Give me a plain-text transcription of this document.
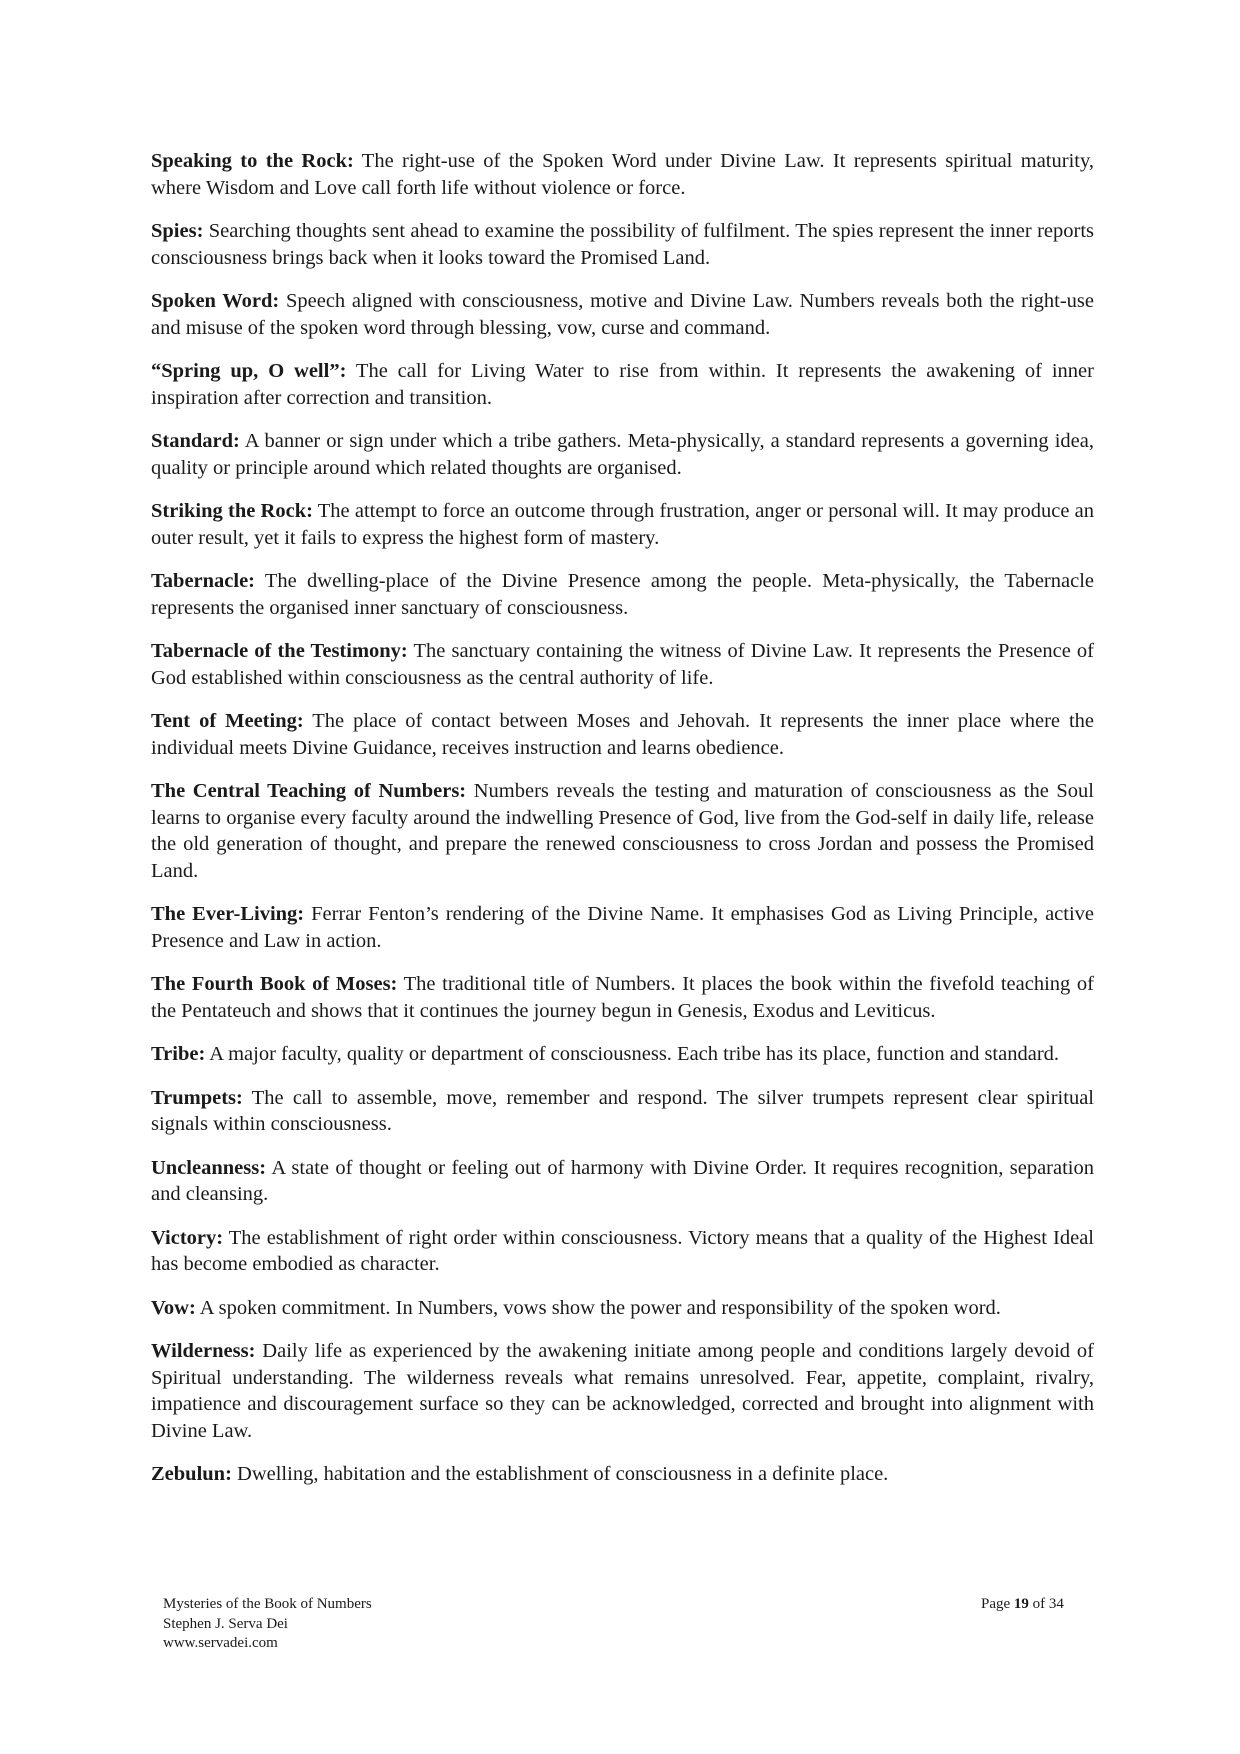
Speaking to the Rock: The right-use of the Spoken Word under Divine Law. It represents spiritual maturity, where Wisdom and Love call forth life without violence or force.

Spies: Searching thoughts sent ahead to examine the possibility of fulfilment. The spies represent the inner reports consciousness brings back when it looks toward the Promised Land.

Spoken Word: Speech aligned with consciousness, motive and Divine Law. Numbers reveals both the right-use and misuse of the spoken word through blessing, vow, curse and command.

“Spring up, O well”: The call for Living Water to rise from within. It represents the awakening of inner inspiration after correction and transition.

Standard: A banner or sign under which a tribe gathers. Meta-physically, a standard represents a governing idea, quality or principle around which related thoughts are organised.

Striking the Rock: The attempt to force an outcome through frustration, anger or personal will. It may produce an outer result, yet it fails to express the highest form of mastery.

Tabernacle: The dwelling-place of the Divine Presence among the people. Meta-physically, the Tabernacle represents the organised inner sanctuary of consciousness.

Tabernacle of the Testimony: The sanctuary containing the witness of Divine Law. It represents the Presence of God established within consciousness as the central authority of life.

Tent of Meeting: The place of contact between Moses and Jehovah. It represents the inner place where the individual meets Divine Guidance, receives instruction and learns obedience.

The Central Teaching of Numbers: Numbers reveals the testing and maturation of consciousness as the Soul learns to organise every faculty around the indwelling Presence of God, live from the God-self in daily life, release the old generation of thought, and prepare the renewed consciousness to cross Jordan and possess the Promised Land.

The Ever-Living: Ferrar Fenton’s rendering of the Divine Name. It emphasises God as Living Principle, active Presence and Law in action.

The Fourth Book of Moses: The traditional title of Numbers. It places the book within the fivefold teaching of the Pentateuch and shows that it continues the journey begun in Genesis, Exodus and Leviticus.

Tribe: A major faculty, quality or department of consciousness. Each tribe has its place, function and standard.

Trumpets: The call to assemble, move, remember and respond. The silver trumpets represent clear spiritual signals within consciousness.

Uncleanness: A state of thought or feeling out of harmony with Divine Order. It requires recognition, separation and cleansing.

Victory: The establishment of right order within consciousness. Victory means that a quality of the Highest Ideal has become embodied as character.

Vow: A spoken commitment. In Numbers, vows show the power and responsibility of the spoken word.

Wilderness: Daily life as experienced by the awakening initiate among people and conditions largely devoid of Spiritual understanding. The wilderness reveals what remains unresolved. Fear, appetite, complaint, rivalry, impatience and discouragement surface so they can be acknowledged, corrected and brought into alignment with Divine Law.

Zebulun: Dwelling, habitation and the establishment of consciousness in a definite place.

Mysteries of the Book of Numbers
Stephen J. Serva Dei
www.servadei.com
Page 19 of 34
